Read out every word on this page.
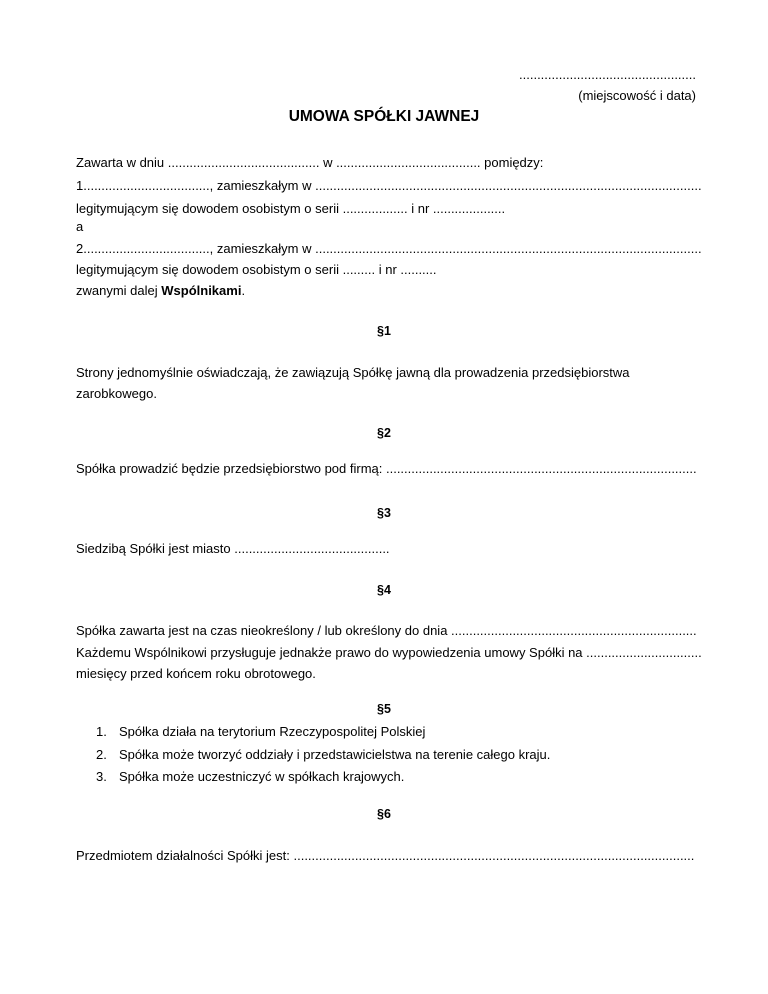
.................................................
(miejscowość i data)
UMOWA SPÓŁKI JAWNEJ
Zawarta w dniu .......................................... w ........................................ pomiędzy:
1..................................., zamieszkałym w ...........................................................................................................
legitymującym się dowodem osobistym o serii .................. i nr ....................
a
2..................................., zamieszkałym w ...........................................................................................................
legitymującym się dowodem osobistym o serii ......... i nr ..........
zwanymi dalej Wspólnikami.
§1
Strony jednomyślnie oświadczają, że zawiązują Spółkę jawną dla prowadzenia przedsiębiorstwa
zarobkowego.
§2
Spółka prowadzić będzie przedsiębiorstwo pod firmą: ......................................................................................
§3
Siedzibą Spółki jest miasto ...........................................
§4
Spółka zawarta jest na czas nieokreślony / lub określony do dnia ....................................................................
Każdemu Wspólnikowi przysługuje jednakże prawo do wypowiedzenia umowy Spółki na ................................
miesięcy przed końcem roku obrotowego.
§5
1. Spółka działa na terytorium Rzeczypospolitej Polskiej
2. Spółka może tworzyć oddziały i przedstawicielstwa na terenie całego kraju.
3. Spółka może uczestniczyć w spółkach krajowych.
§6
Przedmiotem działalności Spółki jest: ...............................................................................................................
